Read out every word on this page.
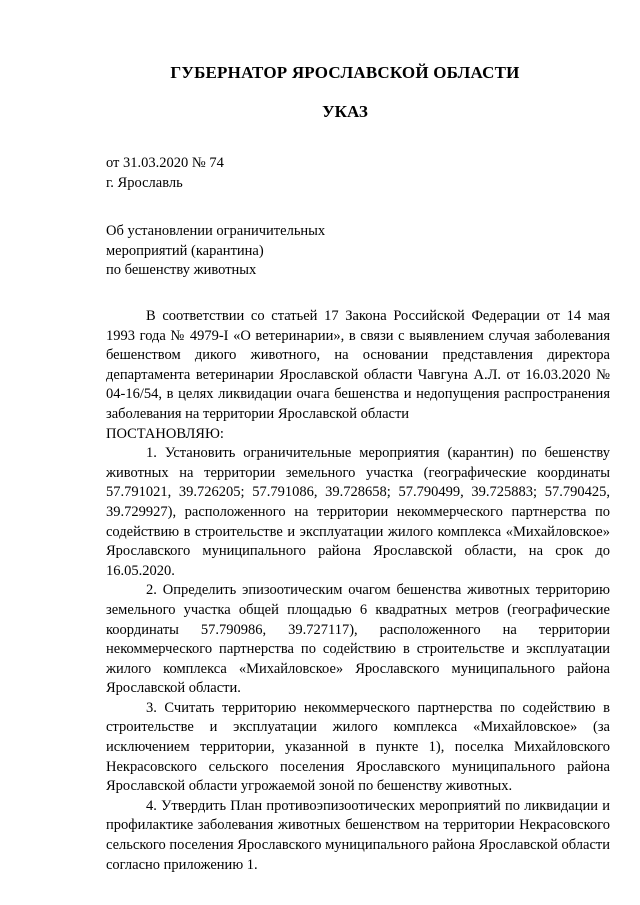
ГУБЕРНАТОР ЯРОСЛАВСКОЙ ОБЛАСТИ
УКАЗ
от 31.03.2020 № 74
г. Ярославль
Об установлении ограничительных
мероприятий (карантина)
по бешенству животных

В соответствии со статьей 17 Закона Российской Федерации от 14 мая 1993 года № 4979-I «О ветеринарии», в связи с выявлением случая заболевания бешенством дикого животного, на основании представления директора департамента ветеринарии Ярославской области Чавгуна А.Л. от 16.03.2020 № 04-16/54, в целях ликвидации очага бешенства и недопущения распространения заболевания на территории Ярославской области

ПОСТАНОВЛЯЮ:

1. Установить ограничительные мероприятия (карантин) по бешенству животных на территории земельного участка (географические координаты 57.791021, 39.726205; 57.791086, 39.728658; 57.790499, 39.725883; 57.790425, 39.729927), расположенного на территории некоммерческого партнерства по содействию в строительстве и эксплуатации жилого комплекса «Михайловское» Ярославского муниципального района Ярославской области, на срок до 16.05.2020.

2. Определить эпизоотическим очагом бешенства животных территорию земельного участка общей площадью 6 квадратных метров (географические координаты 57.790986, 39.727117), расположенного на территории некоммерческого партнерства по содействию в строительстве и эксплуатации жилого комплекса «Михайловское» Ярославского муниципального района Ярославской области.

3. Считать территорию некоммерческого партнерства по содействию в строительстве и эксплуатации жилого комплекса «Михайловское» (за исключением территории, указанной в пункте 1), поселка Михайловского Некрасовского сельского поселения Ярославского муниципального района Ярославской области угрожаемой зоной по бешенству животных.

4. Утвердить План противоэпизоотических мероприятий по ликвидации и профилактике заболевания животных бешенством на территории Некрасовского сельского поселения Ярославского муниципального района Ярославской области согласно приложению 1.
